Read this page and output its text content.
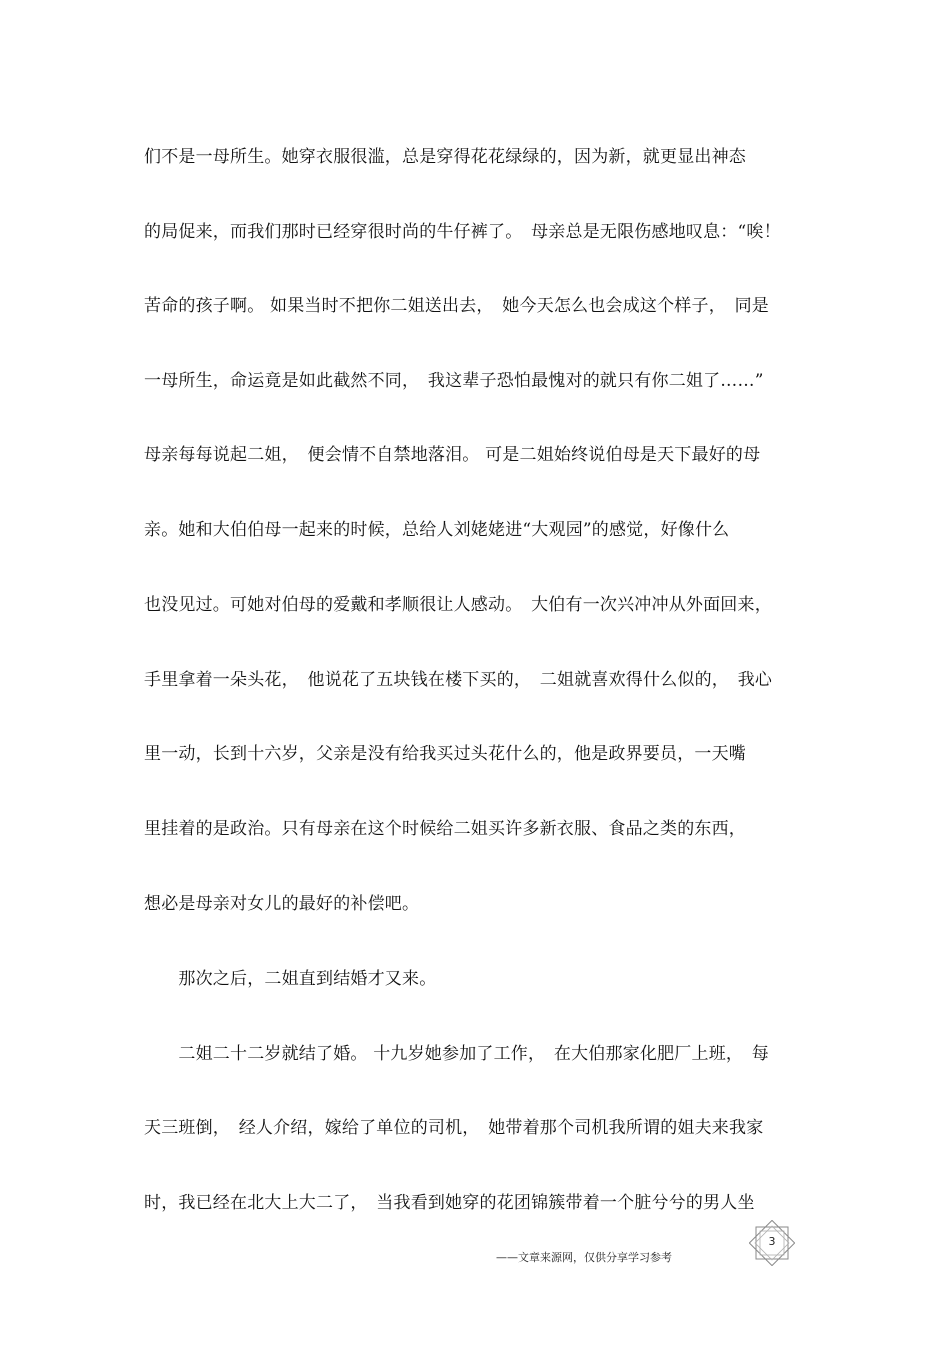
们不是一母所生。她穿衣服很滥，总是穿得花花绿绿的，因为新，就更显出神态
的局促来，而我们那时已经穿很时尚的牛仔裤了。　母亲总是无限伤感地叹息：“唉！
苦命的孩子啊。 如果当时不把你二姐送出去，　她今天怎么也会成这个样子，　同是
一母所生，命运竟是如此截然不同，　我这辈子恐怕最愧对的就只有你二姐了……”
母亲每每说起二姐，　便会情不自禁地落泪。 可是二姐始终说伯母是天下最好的母
亲。她和大伯伯母一起来的时候，总给人刘姥姥进“大观园”的感觉，好像什么
也没见过。可她对伯母的爱戴和孝顺很让人感动。　大伯有一次兴冲冲从外面回来，
手里拿着一朵头花，　他说花了五块钱在楼下买的，　二姐就喜欢得什么似的，　我心
里一动，长到十六岁，父亲是没有给我买过头花什么的，他是政界要员，一天嘴
里挂着的是政治。只有母亲在这个时候给二姐买许多新衣服、食品之类的东西，
想必是母亲对女儿的最好的补偿吧。
　　那次之后，二姐直到结婚才又来。
　　二姐二十二岁就结了婚。 十九岁她参加了工作，　在大伯那家化肥厂上班，　每
天三班倒，　经人介绍，嫁给了单位的司机，　她带着那个司机我所谓的姐夫来我家
时，我已经在北大上大二了，　当我看到她穿的花团锦簇带着一个脏兮兮的男人坐
——文章来源网，仅供分享学习参考
3
